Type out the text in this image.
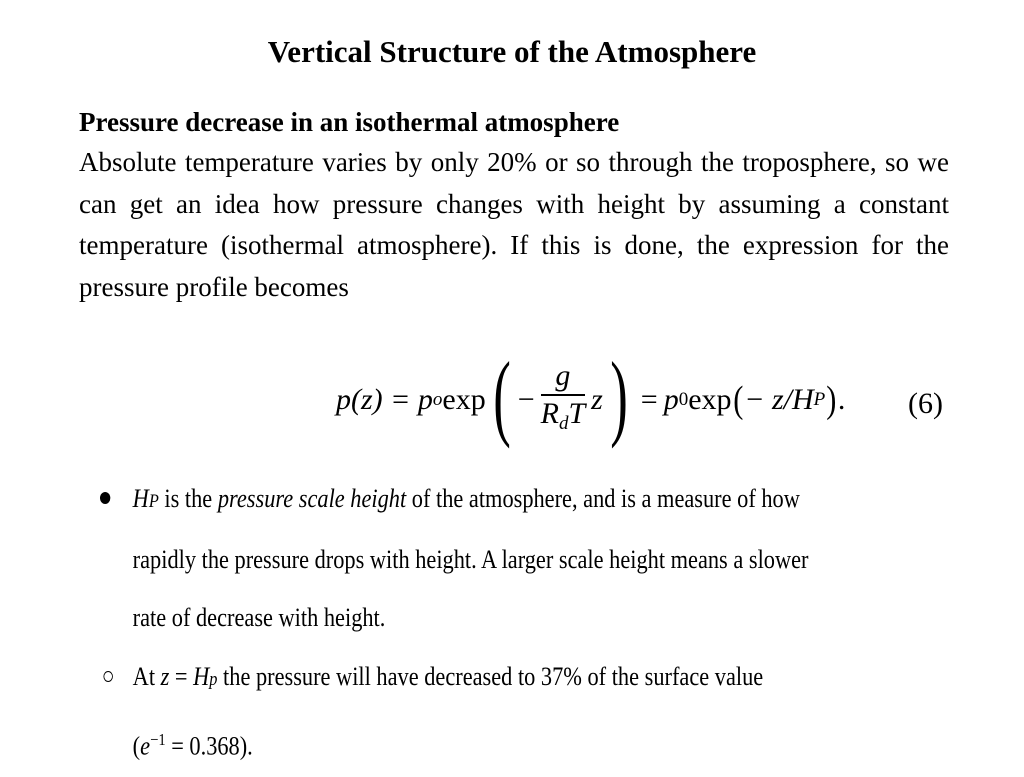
Vertical Structure of the Atmosphere
Pressure decrease in an isothermal atmosphere

Absolute temperature varies by only 20% or so through the troposphere, so we can get an idea how pressure changes with height by assuming a constant temperature (isothermal atmosphere). If this is done, the expression for the pressure profile becomes

p(z) = p o exp ( − $\frac{g}{R_dT}$ z ) = p 0 exp ( − z/H P ) . (6)
HP is the pressure scale height of the atmosphere, and is a measure of how
rapidly the pressure drops with height. A larger scale height means a slower
rate of decrease with height.
At z = Hp the pressure will have decreased to 37% of the surface value
$(e^{-1} = 0.368)$.
